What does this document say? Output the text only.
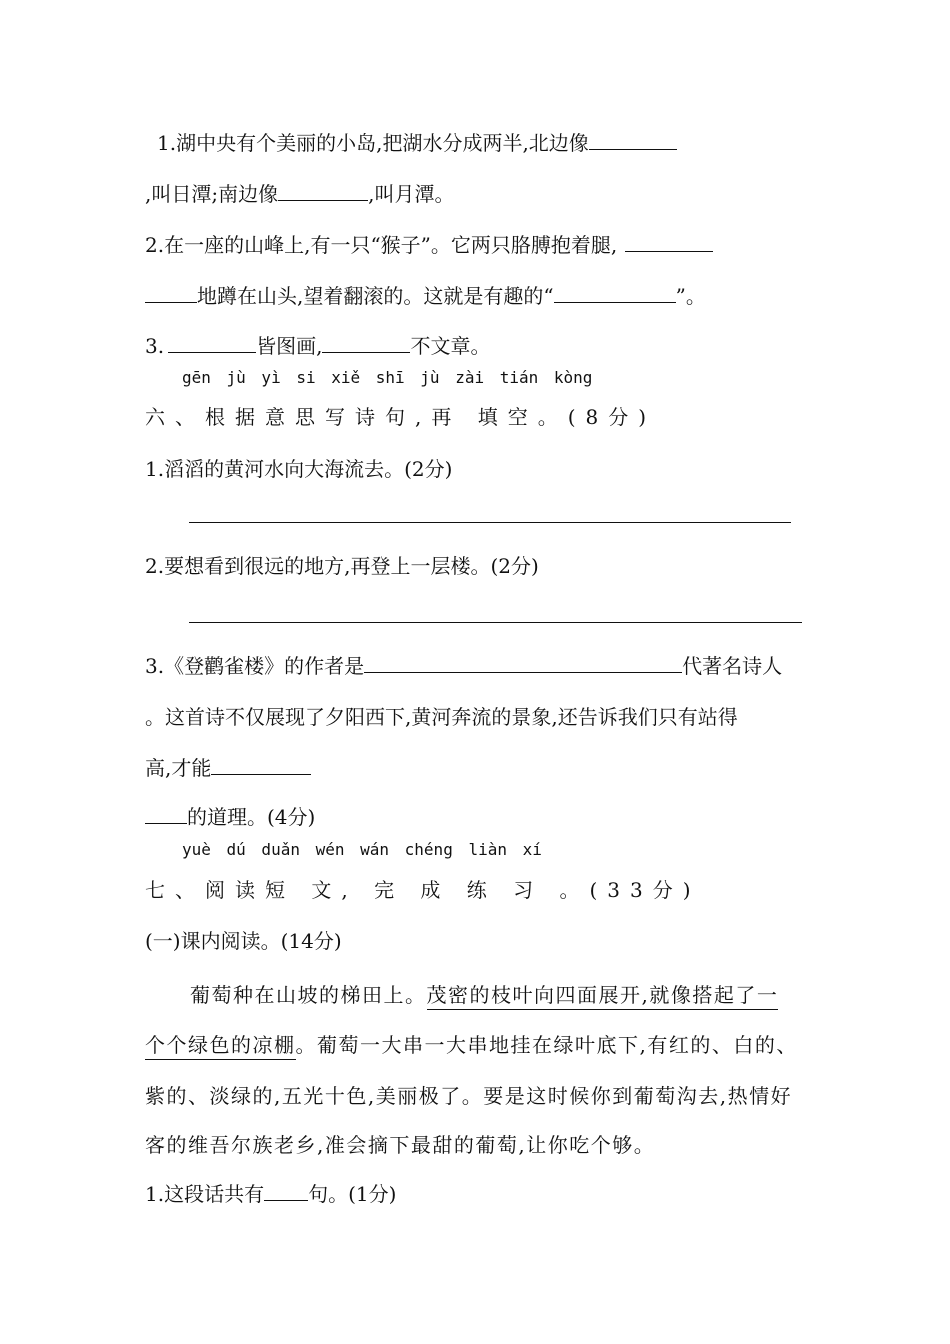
1.湖中央有个美丽的小岛,把湖水分成两半,北边像
,叫日潭;南边像	,叫月潭。
2.在一座的山峰上,有一只“猴子”。它两只胳膊抱着腿,
地蹲在山头,望着翻滚的。这就是有趣的“	”。
3.	皆图画,	不文章。
gēn jù yì si xiě shī jù zài tián kòng
六、根据意思写诗句,再 填空。(8分)
1.滔滔的黄河水向大海流去。(2分)
2.要想看到很远的地方,再登上一层楼。(2分)
3.《登鹳雀楼》的作者是	代著名诗人
。这首诗不仅展现了夕阳西下,黄河奔流的景象,还告诉我们只有站得
高,才能
的道理。(4分)
yuè dú duǎn wén wán chéng liàn xí
七、阅读短 文, 完 成 练 习 。(33分)
(一)课内阅读。(14分)
葡萄种在山坡的梯田上。茂密的枝叶向四面展开,就像搭起了一
个个绿色的凉棚。葡萄一大串一大串地挂在绿叶底下,有红的、白的、
紫的、淡绿的,五光十色,美丽极了。要是这时候你到葡萄沟去,热情好
客的维吾尔族老乡,准会摘下最甜的葡萄,让你吃个够。
1.这段话共有 句。(1分)
